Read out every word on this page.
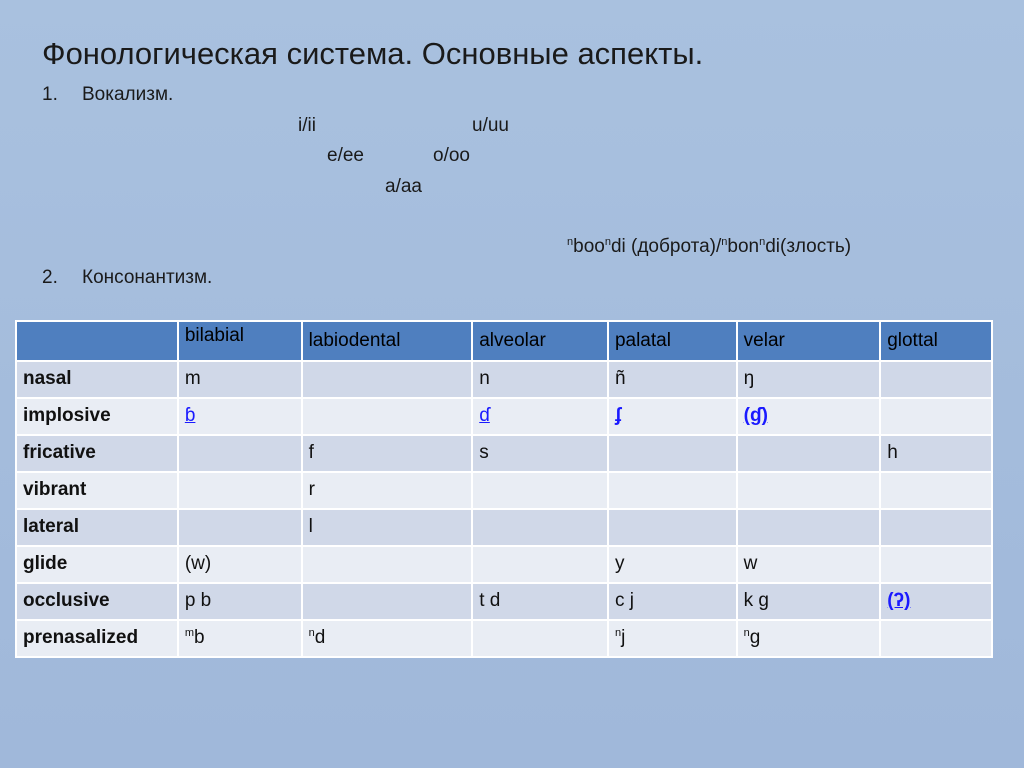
Фонологическая система. Основные аспекты.
1. Вокализм.
i/ii	u/uu
e/ee	o/oo
a/aa
$^n$boo$^n$di (доброта)/$^n$bon$^n$di(злость)
2. Консонантизм.
	bilabial	labiodental	alveolar	palatal	velar	glottal
nasal	m		n	ñ	ŋ	
implosive	ɓ		ɗ	ʄ	(ɠ)	
fricative		f	s			h
vibrant		r				
lateral		l				
glide	(w)			y	w	
occlusive	p b		t d	c j	k g	(ʔ)
prenasalized	$^m$b	$^n$d		$^n$j	$^n$g	
